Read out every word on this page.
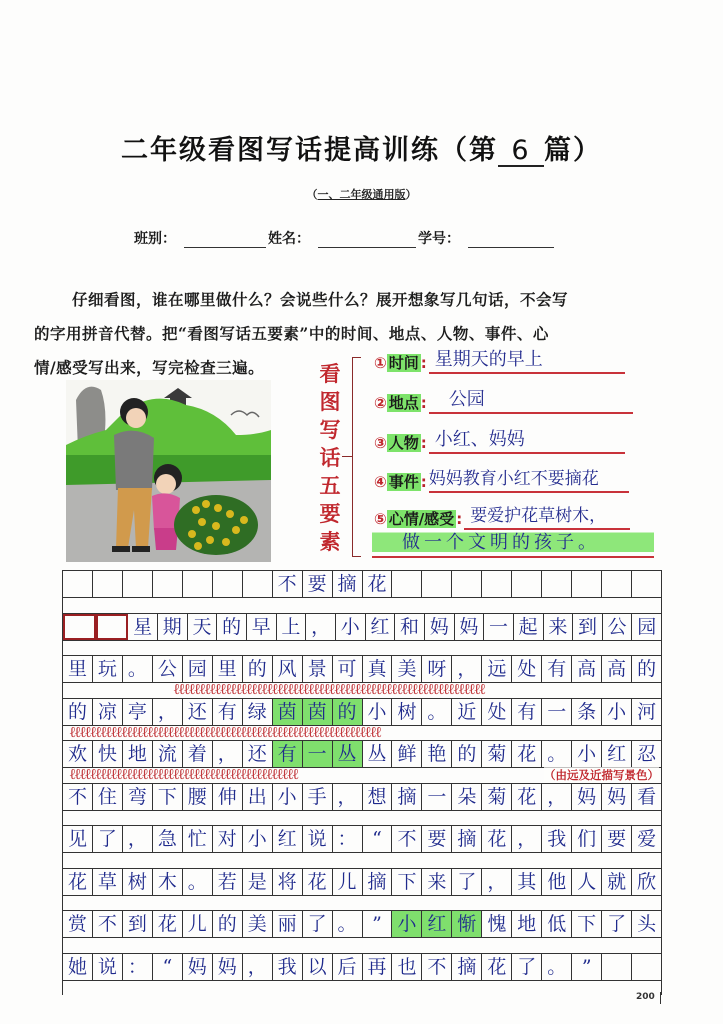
二年级看图写话提高训练（第 6 篇）
（一、二年级通用版）
班别：	姓名：	学号：

仔细看图，谁在哪里做什么？会说些什么？展开想象写几句话，不会写

的字用拼音代替。把“看图写话五要素”中的时间、地点、人物、事件、心

情/感受写出来，写完检查三遍。	看
图
写
话
五
要
素
① 时间 : 星期天的早上
② 地点 :	公园
③ 人物 : 小红、妈妈
④ 事件 : 妈妈教育小红不要摘花
⑤ 心情/感受 : 要爱护花草树木，
做一个文明的孩子。
不 要 摘 花
星 期 天 的 早 上 ， 小 红 和 妈 妈 一 起 来 到 公 园
里 玩 。 公 园 里 的 风 景 可 真 美 呀 ， 远 处 有 高 高 的
ℓℓℓℓℓℓℓℓℓℓℓℓℓℓℓℓℓℓℓℓℓℓℓℓℓℓℓℓℓℓℓℓℓℓℓℓℓℓℓℓℓℓℓℓℓℓℓℓℓℓℓℓℓℓℓℓℓℓℓℓ
的 凉 亭 ， 还 有 绿 茵 茵 的 小 树 。 近 处 有 一 条 小 河
ℓℓℓℓℓℓℓℓℓℓℓℓℓℓℓℓℓℓℓℓℓℓℓℓℓℓℓℓℓℓℓℓℓℓℓℓℓℓℓℓℓℓℓℓℓℓℓℓℓℓℓℓℓℓℓℓℓℓℓℓ
欢 快 地 流 着 ， 还 有 一 丛 丛 鲜 艳 的 菊 花 。 小 红 忍
ℓℓℓℓℓℓℓℓℓℓℓℓℓℓℓℓℓℓℓℓℓℓℓℓℓℓℓℓℓℓℓℓℓℓℓℓℓℓℓℓℓℓℓℓ	（由远及近描写景色）
不 住 弯 下 腰 伸 出 小 手 ， 想 摘 一 朵 菊 花 ， 妈 妈 看
见 了 ， 急 忙 对 小 红 说 ： “ 不 要 摘 花 ， 我 们 要 爱
花 草 树 木 。 若 是 将 花 儿 摘 下 来 了 ， 其 他 人 就 欣
赏 不 到 花 儿 的 美 丽 了 。 ” 小 红 惭 愧 地 低 下 了 头
她 说 ： “ 妈 妈 ， 我 以 后 再 也 不 摘 花 了 。 ”
200
